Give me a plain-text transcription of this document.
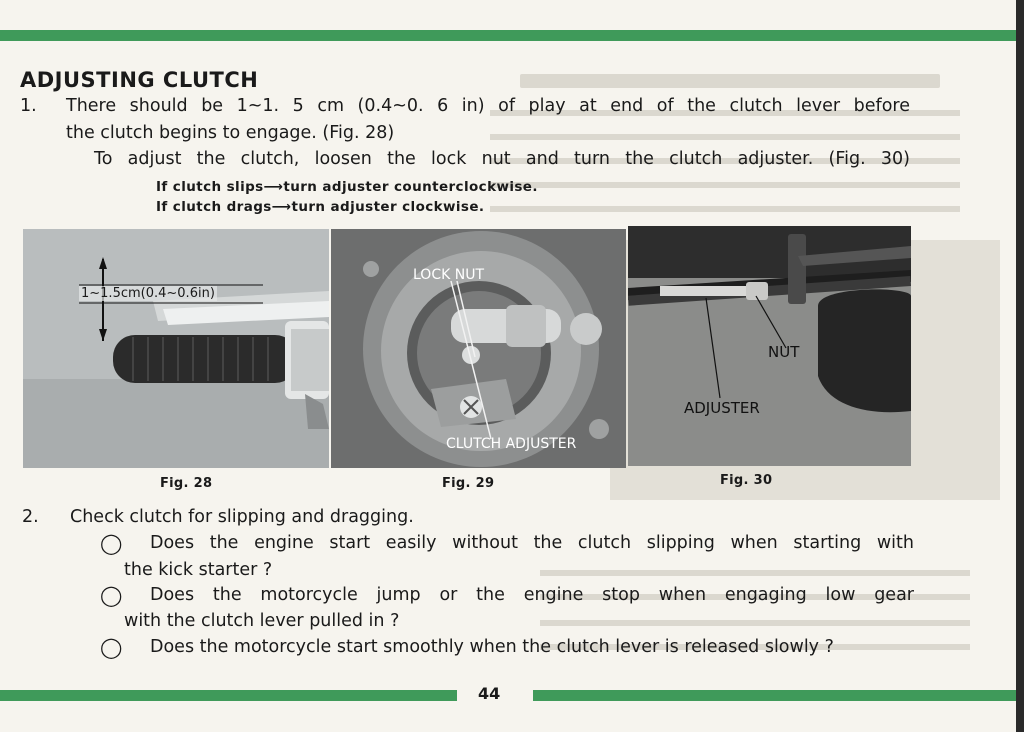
ADJUSTING CLUTCH
1. There should be 1~1. 5 cm (0.4~0. 6 in) of play at end of the clutch lever before
the clutch begins to engage. (Fig. 28)
To adjust the clutch, loosen the lock nut and turn the clutch adjuster. (Fig. 30)
If clutch slips⟶turn adjuster counterclockwise.
If clutch drags⟶turn adjuster clockwise.
1~1.5cm(0.4~0.6in)
LOCK NUT
CLUTCH ADJUSTER
NUT
ADJUSTER
Fig. 28	Fig. 29	Fig. 30
2. Check clutch for slipping and dragging.
◯ Does the engine start easily without the clutch slipping when starting with
the kick starter ?
◯ Does the motorcycle jump or the engine stop when engaging low gear
with the clutch lever pulled in ?
◯ Does the motorcycle start smoothly when the clutch lever is released slowly ?
44
